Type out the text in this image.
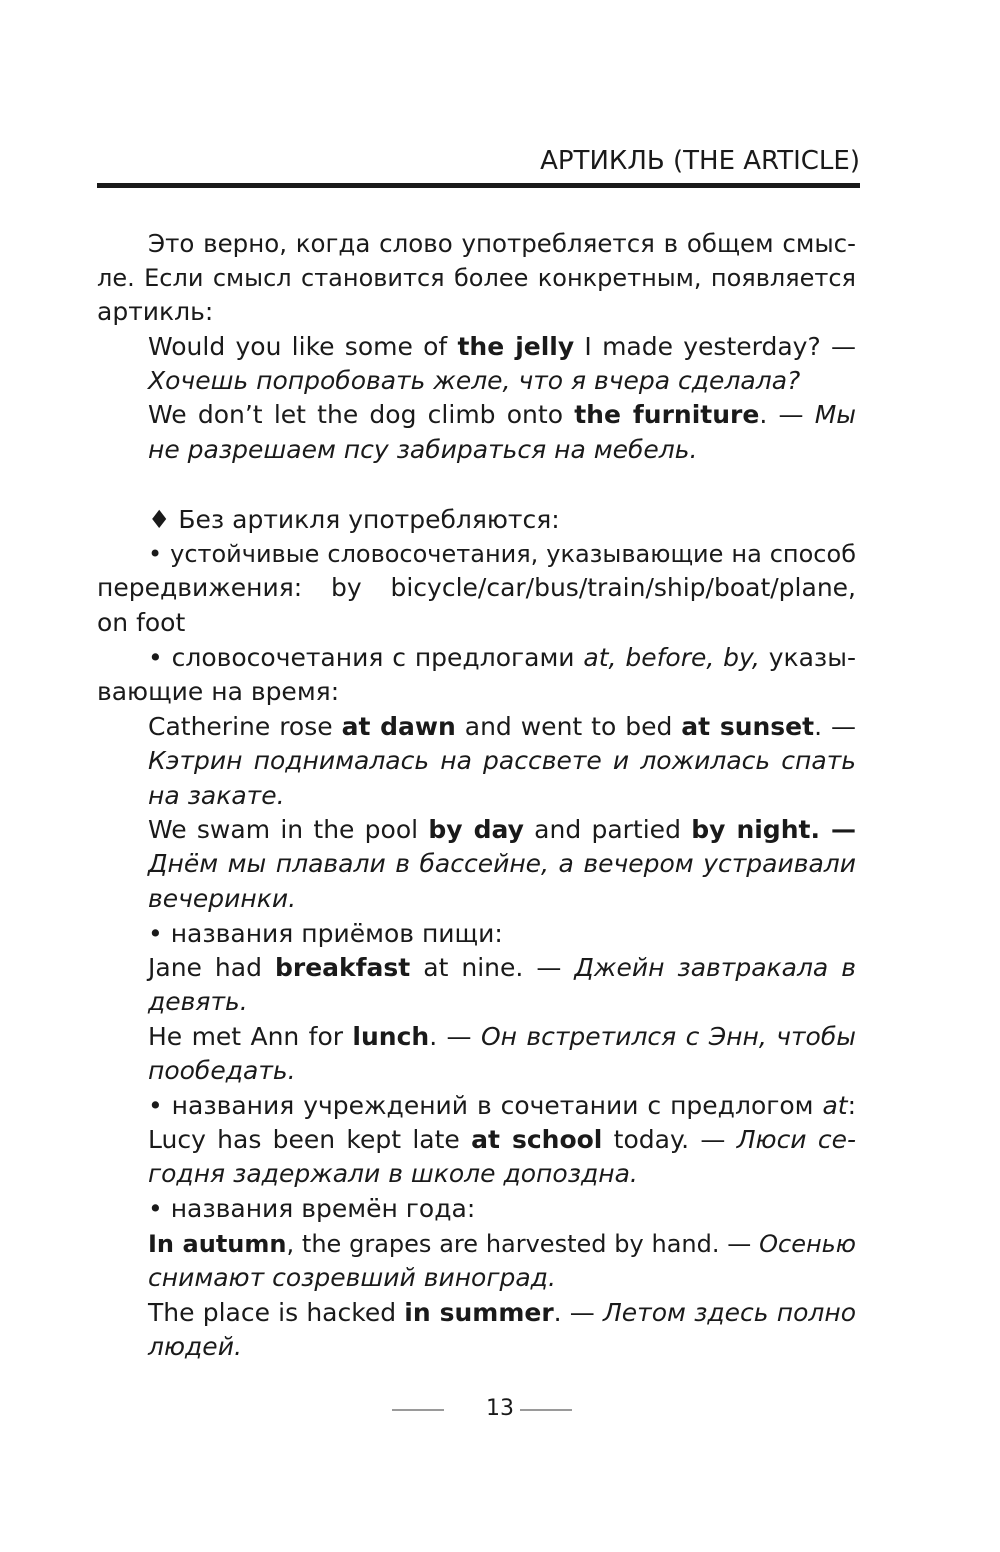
АРТИКЛЬ (THE ARTICLE)
Это верно, когда слово употребляется в общем смыс-
ле. Если смысл становится более конкретным, появляется
артикль:
Would you like some of the jelly I made yesterday? —
Хочешь попробовать желе, что я вчера сделала?
We don’t let the dog climb onto the furniture. — Мы
не разрешаем псу забираться на мебель.
♦ Без артикля употребляются:
• устойчивые словосочетания, указывающие на способ
передвижения: by bicycle/car/bus/train/ship/boat/plane,
on foot
• словосочетания с предлогами at, before, by, указы-
вающие на время:
Catherine rose at dawn and went to bed at sunset. —
Кэтрин поднималась на рассвете и ложилась спать
на закате.
We swam in the pool by day and partied by night. —
Днём мы плавали в бассейне, а вечером устраивали
вечеринки.
• названия приёмов пищи:
Jane had breakfast at nine. — Джейн завтракала в
девять.
He met Ann for lunch. — Он встретился с Энн, чтобы
пообедать.
• названия учреждений в сочетании с предлогом at:
Lucy has been kept late at school today. — Люси се-
годня задержали в школе допоздна.
• названия времён года:
In autumn, the grapes are harvested by hand. — Осенью
снимают созревший виноград.
The place is hacked in summer. — Летом здесь полно
людей.
13
